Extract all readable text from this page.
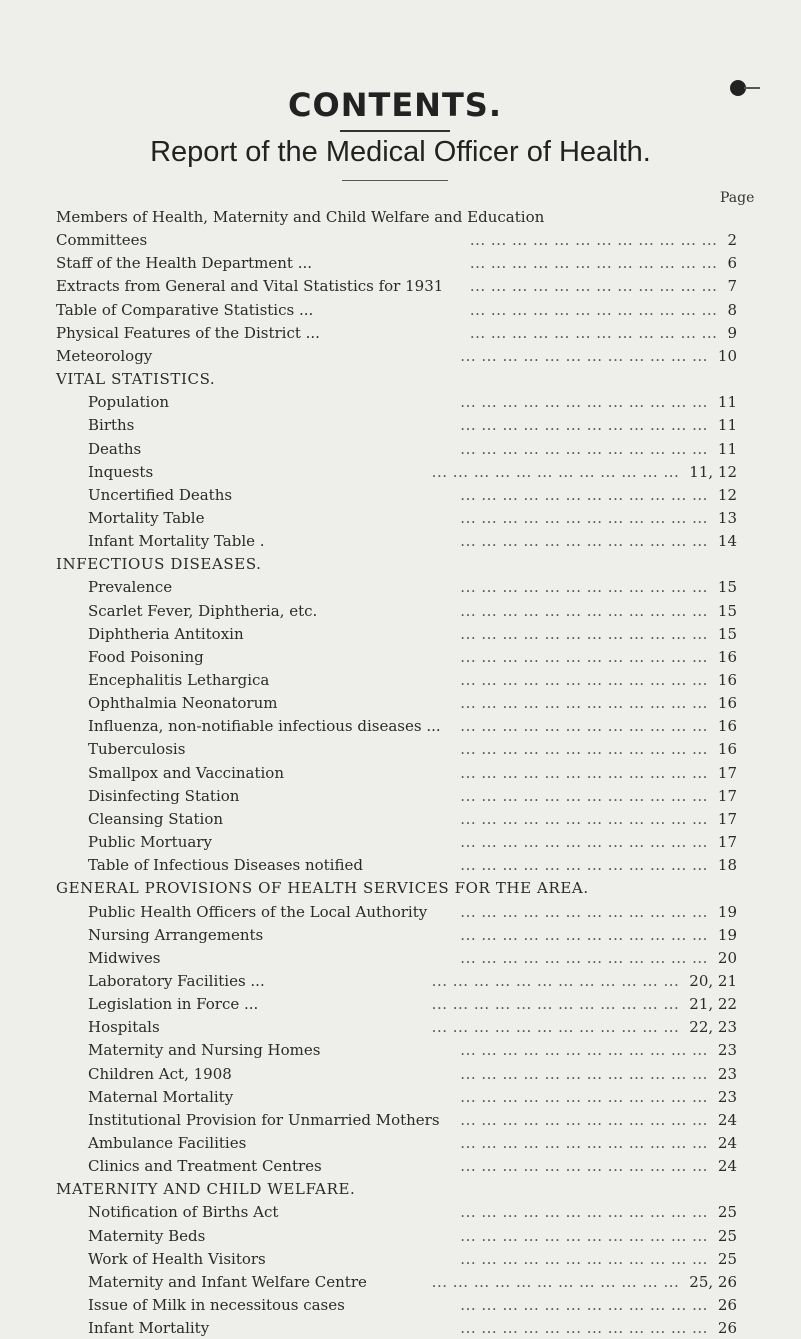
CONTENTS.
Report of the Medical Officer of Health.
Page
Members of Health, Maternity and Child Welfare and Education
Committees	2
... ... ... ... ... ... ... ... ... ... ... ...
Staff of the Health Department ...	6
... ... ... ... ... ... ... ... ... ... ... ...
Extracts from General and Vital Statistics for 1931	7
... ... ... ... ... ... ... ... ... ... ... ...
Table of Comparative Statistics ...	8
... ... ... ... ... ... ... ... ... ... ... ...
Physical Features of the District ...	9
... ... ... ... ... ... ... ... ... ... ... ...
Meteorology	10
... ... ... ... ... ... ... ... ... ... ... ...
VITAL STATISTICS.
Population	11
... ... ... ... ... ... ... ... ... ... ... ...
Births	11
... ... ... ... ... ... ... ... ... ... ... ...
Deaths	11
... ... ... ... ... ... ... ... ... ... ... ...
Inquests	11, 12
... ... ... ... ... ... ... ... ... ... ... ...
Uncertified Deaths	12
... ... ... ... ... ... ... ... ... ... ... ...
Mortality Table	13
... ... ... ... ... ... ... ... ... ... ... ...
Infant Mortality Table .	14
... ... ... ... ... ... ... ... ... ... ... ...
INFECTIOUS DISEASES.
Prevalence	15
... ... ... ... ... ... ... ... ... ... ... ...
Scarlet Fever, Diphtheria, etc.	15
... ... ... ... ... ... ... ... ... ... ... ...
Diphtheria Antitoxin	15
... ... ... ... ... ... ... ... ... ... ... ...
Food Poisoning	16
... ... ... ... ... ... ... ... ... ... ... ...
Encephalitis Lethargica	16
... ... ... ... ... ... ... ... ... ... ... ...
Ophthalmia Neonatorum	16
... ... ... ... ... ... ... ... ... ... ... ...
Influenza, non-notifiable infectious diseases ...	16
... ... ... ... ... ... ... ... ... ... ... ...
Tuberculosis	16
... ... ... ... ... ... ... ... ... ... ... ...
Smallpox and Vaccination	17
... ... ... ... ... ... ... ... ... ... ... ...
Disinfecting Station	17
... ... ... ... ... ... ... ... ... ... ... ...
Cleansing Station	17
... ... ... ... ... ... ... ... ... ... ... ...
Public Mortuary	17
... ... ... ... ... ... ... ... ... ... ... ...
Table of Infectious Diseases notified	18
... ... ... ... ... ... ... ... ... ... ... ...
GENERAL PROVISIONS OF HEALTH SERVICES FOR THE AREA.
Public Health Officers of the Local Authority	19
... ... ... ... ... ... ... ... ... ... ... ...
Nursing Arrangements	19
... ... ... ... ... ... ... ... ... ... ... ...
Midwives	20
... ... ... ... ... ... ... ... ... ... ... ...
Laboratory Facilities ...	20, 21
... ... ... ... ... ... ... ... ... ... ... ...
Legislation in Force ...	21, 22
... ... ... ... ... ... ... ... ... ... ... ...
Hospitals	22, 23
... ... ... ... ... ... ... ... ... ... ... ...
Maternity and Nursing Homes	23
... ... ... ... ... ... ... ... ... ... ... ...
Children Act, 1908	23
... ... ... ... ... ... ... ... ... ... ... ...
Maternal Mortality	23
... ... ... ... ... ... ... ... ... ... ... ...
Institutional Provision for Unmarried Mothers	24
... ... ... ... ... ... ... ... ... ... ... ...
Ambulance Facilities	24
... ... ... ... ... ... ... ... ... ... ... ...
Clinics and Treatment Centres	24
... ... ... ... ... ... ... ... ... ... ... ...
MATERNITY AND CHILD WELFARE.
Notification of Births Act	25
... ... ... ... ... ... ... ... ... ... ... ...
Maternity Beds	25
... ... ... ... ... ... ... ... ... ... ... ...
Work of Health Visitors	25
... ... ... ... ... ... ... ... ... ... ... ...
Maternity and Infant Welfare Centre	25, 26
... ... ... ... ... ... ... ... ... ... ... ...
Issue of Milk in necessitous cases	26
... ... ... ... ... ... ... ... ... ... ... ...
Infant Mortality	26
... ... ... ... ... ... ... ... ... ... ... ...
